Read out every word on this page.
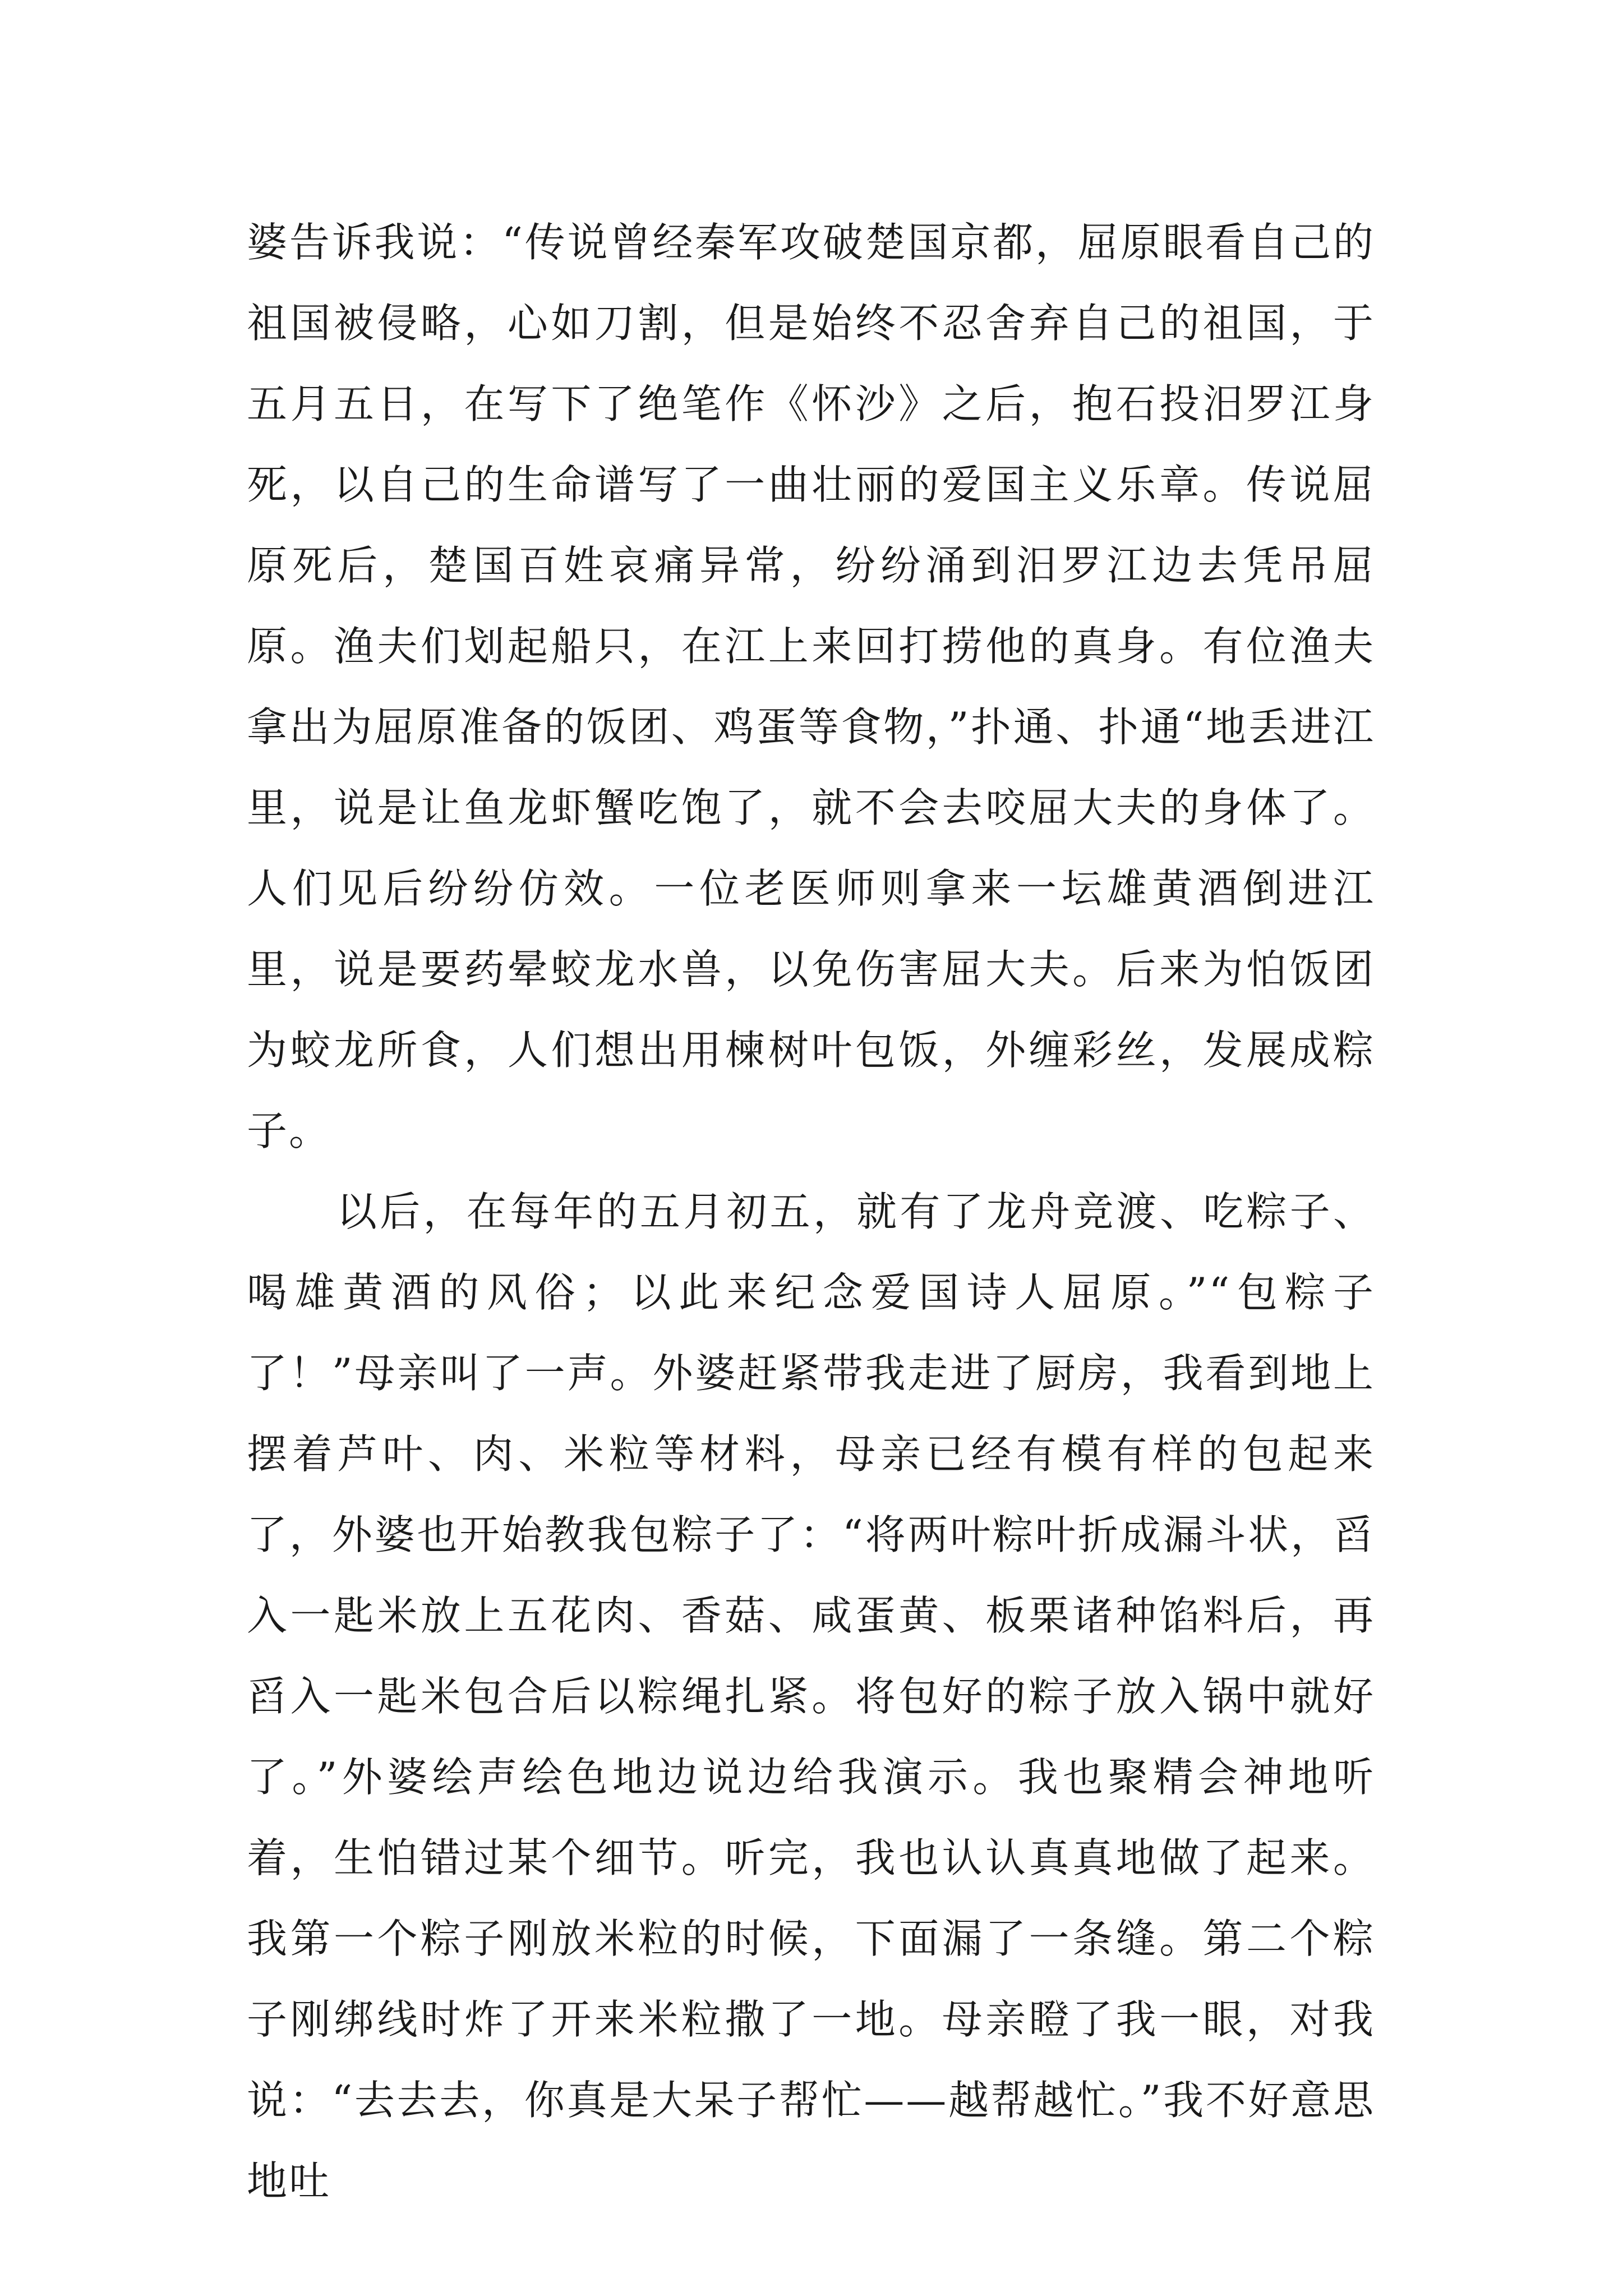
婆告诉我说：“传说曾经秦军攻破楚国京都，屈原眼看自己的祖国被侵略，心如刀割，但是始终不忍舍弃自己的祖国，于五月五日，在写下了绝笔作《怀沙》之后，抱石投汨罗江身死，以自己的生命谱写了一曲壮丽的爱国主义乐章。传说屈原死后，楚国百姓哀痛异常，纷纷涌到汨罗江边去凭吊屈原。渔夫们划起船只，在江上来回打捞他的真身。有位渔夫拿出为屈原准备的饭团、鸡蛋等食物，”扑通、扑通“地丢进江里，说是让鱼龙虾蟹吃饱了，就不会去咬屈大夫的身体了。人们见后纷纷仿效。一位老医师则拿来一坛雄黄酒倒进江里，说是要药晕蛟龙水兽，以免伤害屈大夫。后来为怕饭团为蛟龙所食，人们想出用楝树叶包饭，外缠彩丝，发展成粽子。

以后，在每年的五月初五，就有了龙舟竞渡、吃粽子、喝雄黄酒的风俗；以此来纪念爱国诗人屈原。”“包粽子了！”母亲叫了一声。外婆赶紧带我走进了厨房，我看到地上摆着芦叶、肉、米粒等材料，母亲已经有模有样的包起来了，外婆也开始教我包粽子了：“将两叶粽叶折成漏斗状，舀入一匙米放上五花肉、香菇、咸蛋黄、板栗诸种馅料后，再舀入一匙米包合后以粽绳扎紧。将包好的粽子放入锅中就好了。”外婆绘声绘色地边说边给我演示。我也聚精会神地听着，生怕错过某个细节。听完，我也认认真真地做了起来。我第一个粽子刚放米粒的时候，下面漏了一条缝。第二个粽子刚绑线时炸了开来米粒撒了一地。母亲瞪了我一眼，对我说：“去去去，你真是大呆子帮忙——越帮越忙。”我不好意思地吐
